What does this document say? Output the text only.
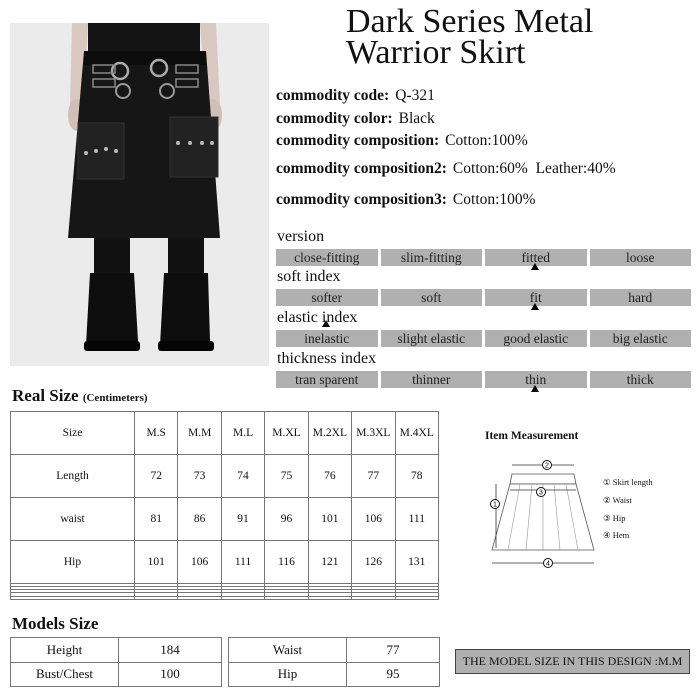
Dark Series Metal
Warrior Skirt
commodity code: Q-321
commodity color: Black
commodity composition: Cotton:100%
commodity composition2: Cotton:60%  Leather:40%
commodity composition3: Cotton:100%
version
close-fitting	slim-fitting	fitted	loose
soft index
softer	soft	fit	hard
elastic index
inelastic	slight elastic	good elastic	big elastic
thickness index
tran sparent	thinner	thin	thick
Real Size (Centimeters)
Size	M.S	M.M	M.L	M.XL	M.2XL	M.3XL	M.4XL
Length	72	73	74	75	76	77	78
waist	81	86	91	96	101	106	111
Hip	101	106	111	116	121	126	131

Item Measurement
2
3
1
4
① Skirt length
② Waist
③ Hip
④ Hem
Models Size
Height	184
Bust/Chest	100
Waist	77
Hip	95
THE MODEL SIZE IN THIS DESIGN :M.M
